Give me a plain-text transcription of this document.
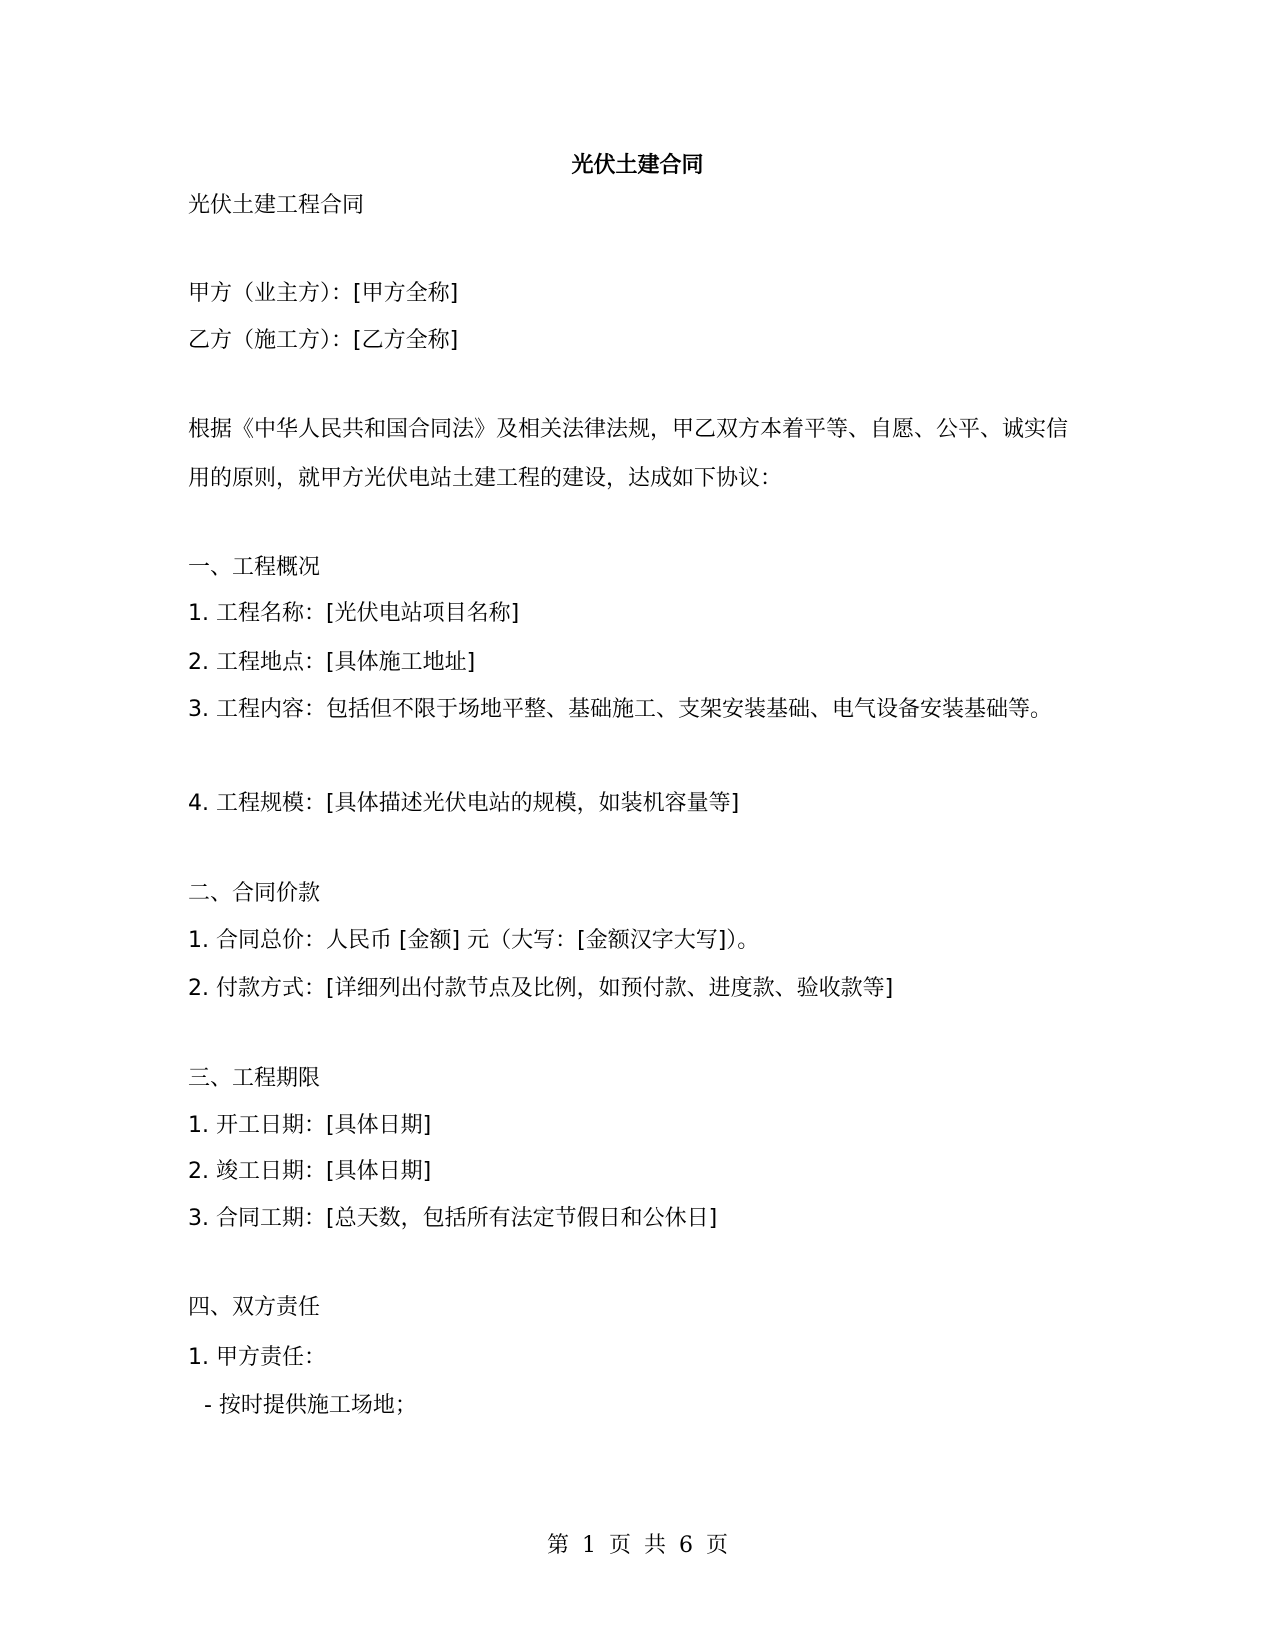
光伏土建合同
光伏土建工程合同
甲方（业主方）：[甲方全称]
乙方（施工方）：[乙方全称]
根据《中华人民共和国合同法》及相关法律法规，甲乙双方本着平等、自愿、公平、诚实信用的原则，就甲方光伏电站土建工程的建设，达成如下协议：
一、工程概况
1. 工程名称：[光伏电站项目名称]
2. 工程地点：[具体施工地址]
3. 工程内容：包括但不限于场地平整、基础施工、支架安装基础、电气设备安装基础等。
4. 工程规模：[具体描述光伏电站的规模，如装机容量等]
二、合同价款
1. 合同总价：人民币 [金额] 元（大写：[金额汉字大写]）。
2. 付款方式：[详细列出付款节点及比例，如预付款、进度款、验收款等]
三、工程期限
1. 开工日期：[具体日期]
2. 竣工日期：[具体日期]
3. 合同工期：[总天数，包括所有法定节假日和公休日]
四、双方责任
1. 甲方责任：
- 按时提供施工场地；
第 1 页 共 6 页
